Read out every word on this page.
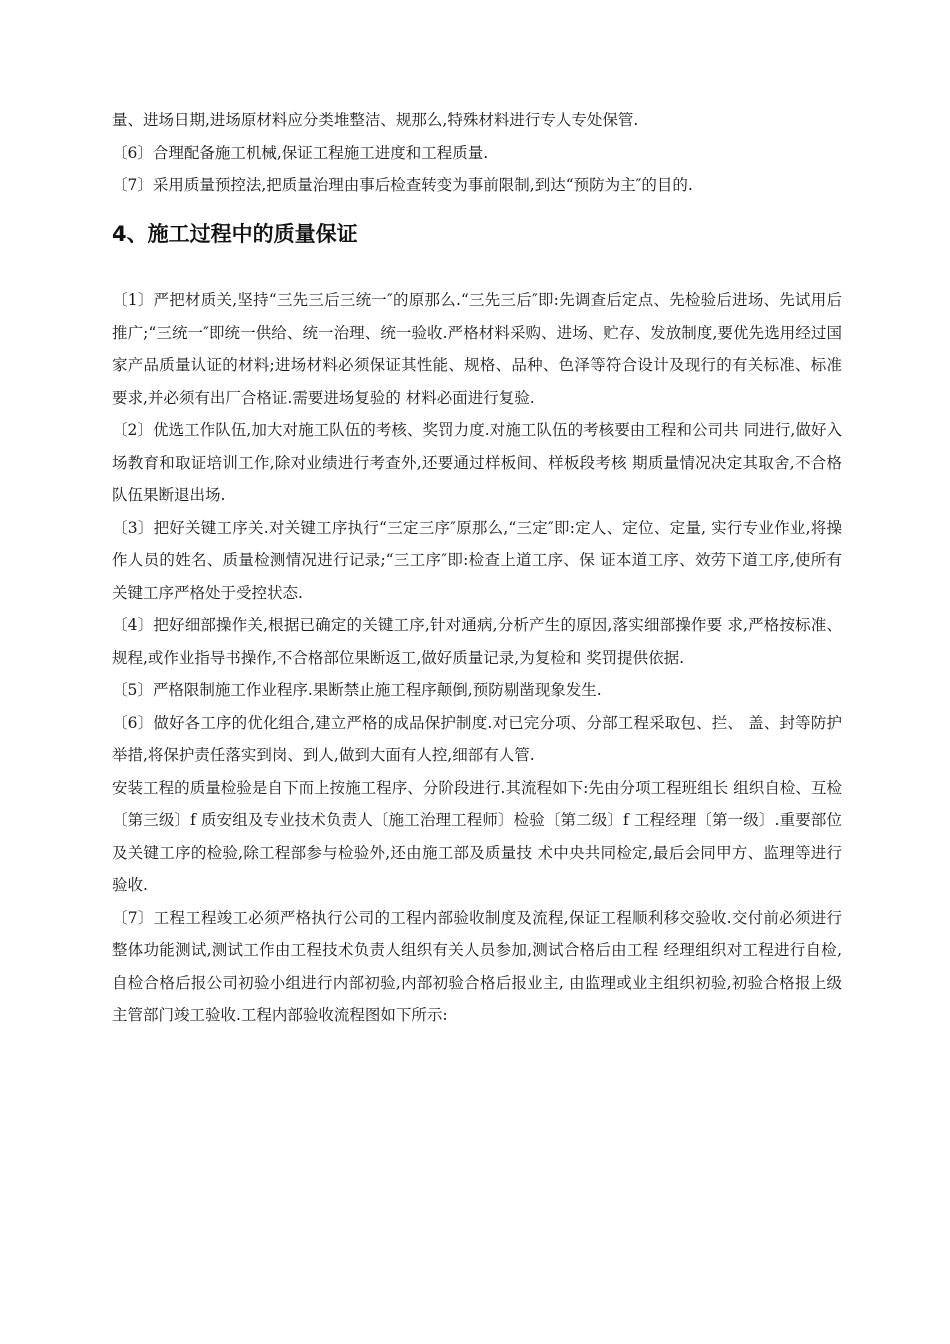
量、进场日期,进场原材料应分类堆整洁、规那么,特殊材料进行专人专处保管.

〔6〕合理配备施工机械,保证工程施工进度和工程质量.

〔7〕采用质量预控法,把质量治理由事后检查转变为事前限制,到达“预防为主″的目的.

4、施工过程中的质量保证

〔1〕严把材质关,坚持“三先三后三统一″的原那么.“三先三后″即:先调查后定点、先检验后进场、先试用后推广;“三统一″即统一供给、统一治理、统一验收.严格材料采购、进场、贮存、发放制度,要优先选用经过国家产品质量认证的材料;进场材料必须保证其性能、规格、品种、色泽等符合设计及现行的有关标准、标准要求,并必须有出厂合格证.需要进场复验的 材料必面进行复验.

〔2〕优选工作队伍,加大对施工队伍的考核、奖罚力度.对施工队伍的考核要由工程和公司共 同进行,做好入场教育和取证培训工作,除对业绩进行考查外,还要通过样板间、样板段考核 期质量情况决定其取舍,不合格队伍果断退出场.

〔3〕把好关键工序关.对关键工序执行“三定三序″原那么,“三定″即:定人、定位、定量, 实行专业作业,将操作人员的姓名、质量检测情况进行记录;“三工序″即:检查上道工序、保 证本道工序、效劳下道工序,使所有关键工序严格处于受控状态.

〔4〕把好细部操作关,根据已确定的关键工序,针对通病,分析产生的原因,落实细部操作要 求,严格按标准、规程,或作业指导书操作,不合格部位果断返工,做好质量记录,为复检和 奖罚提供依据.

〔5〕严格限制施工作业程序.果断禁止施工程序颠倒,预防剔凿现象发生.

〔6〕做好各工序的优化组合,建立严格的成品保护制度.对已完分项、分部工程采取包、拦、 盖、封等防护举措,将保护责任落实到岗、到人,做到大面有人控,细部有人管.

安装工程的质量检验是自下而上按施工程序、分阶段进行.其流程如下:先由分项工程班组长 组织自检、互检〔第三级〕f 质安组及专业技术负责人〔施工治理工程师〕检验〔第二级〕f 工程经理〔第一级〕.重要部位及关键工序的检验,除工程部参与检验外,还由施工部及质量技 术中央共同检定,最后会同甲方、监理等进行验收.

〔7〕工程工程竣工必须严格执行公司的工程内部验收制度及流程,保证工程顺利移交验收.交付前必须进行整体功能测试,测试工作由工程技术负责人组织有关人员参加,测试合格后由工程 经理组织对工程进行自检,自检合格后报公司初验小组进行内部初验,内部初验合格后报业主, 由监理或业主组织初验,初验合格报上级主管部门竣工验收.工程内部验收流程图如下所示:
